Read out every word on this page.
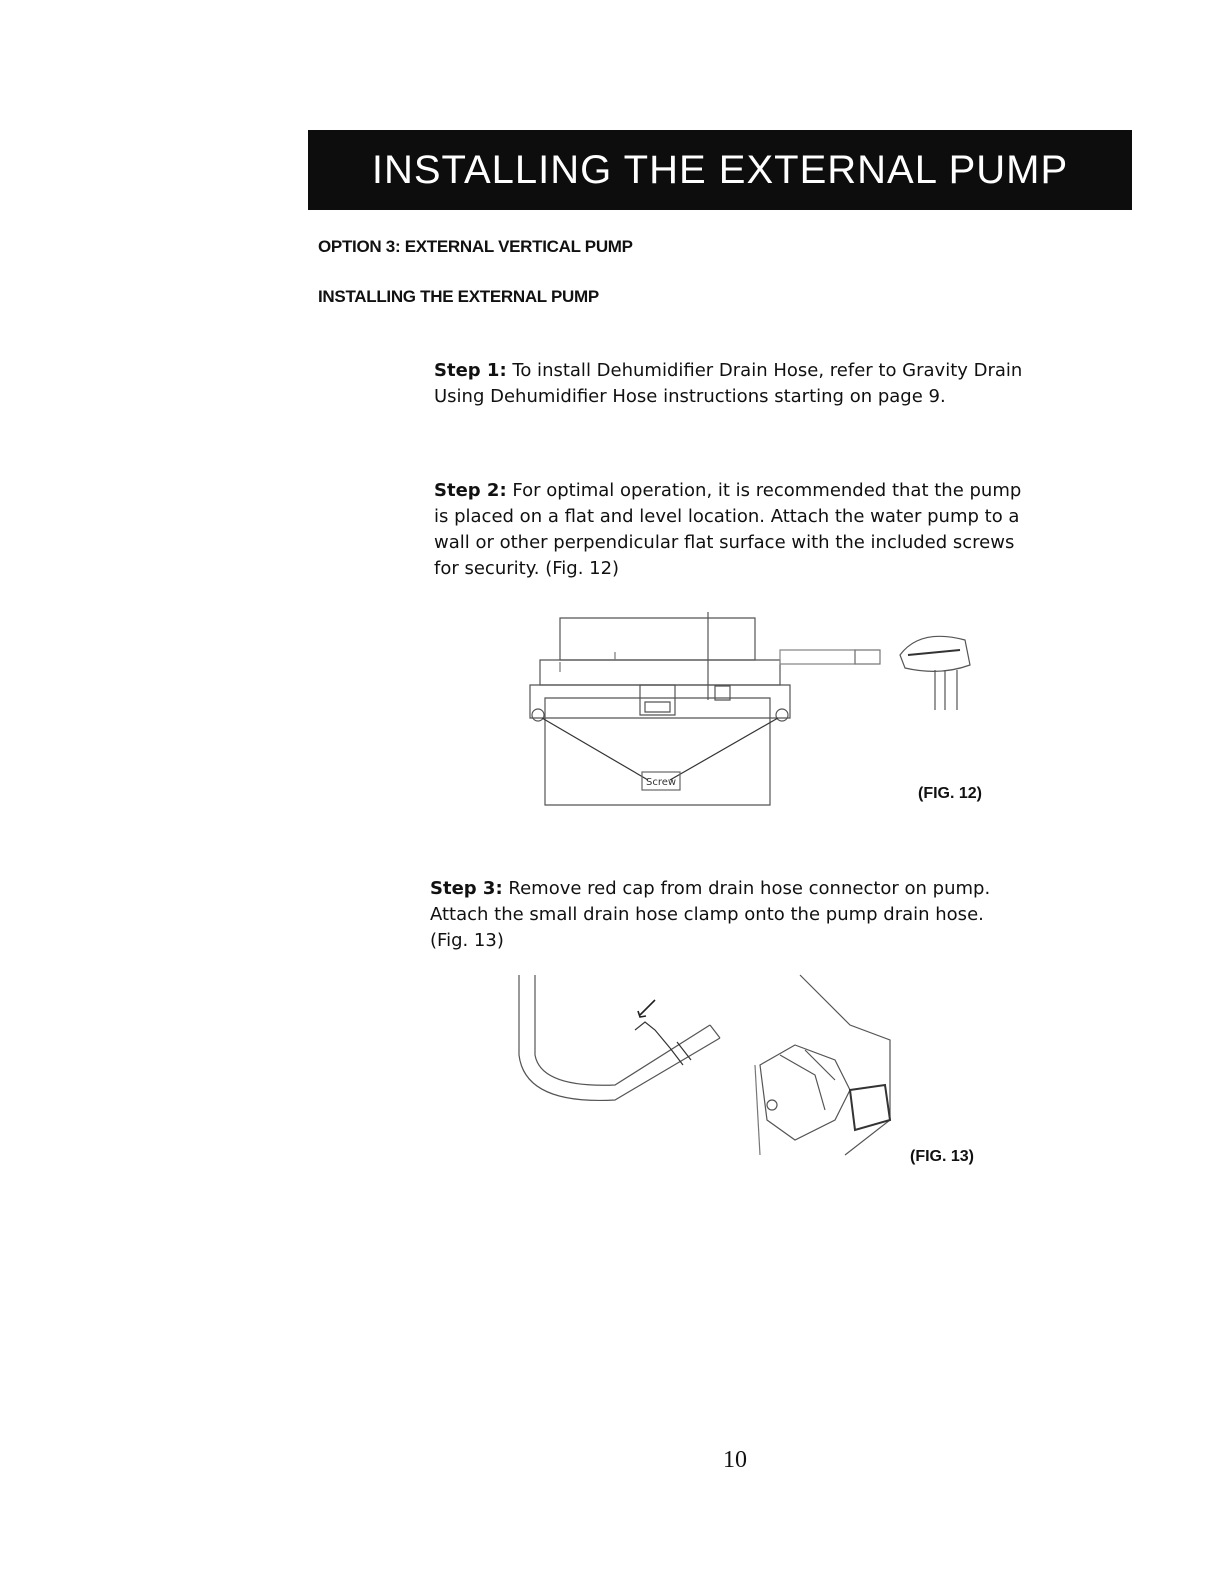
INSTALLING THE EXTERNAL PUMP
OPTION 3: EXTERNAL VERTICAL PUMP
INSTALLING THE EXTERNAL PUMP
Step 1: To install Dehumidifier Drain Hose, refer to Gravity Drain Using Dehumidifier Hose instructions starting on page 9.
Step 2: For optimal operation, it is recommended that the pump is placed on a flat and level location. Attach the water pump to a wall or other perpendicular flat surface with the included screws for security. (Fig. 12)
Screw
(FIG. 12)
Step 3: Remove red cap from drain hose connector on pump. Attach the small drain hose clamp onto the pump drain hose. (Fig. 13)
(FIG. 13)
10
